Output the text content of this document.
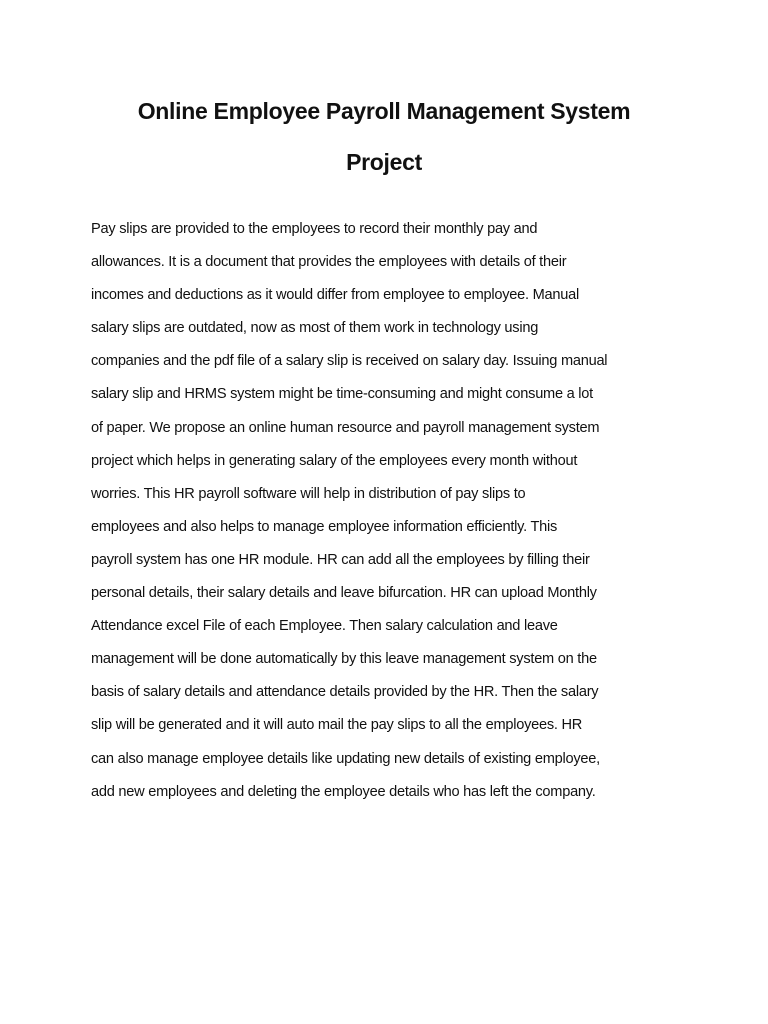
Online Employee Payroll Management System
Project

Pay slips are provided to the employees to record their monthly pay and
allowances. It is a document that provides the employees with details of their
incomes and deductions as it would differ from employee to employee. Manual
salary slips are outdated, now as most of them work in technology using
companies and the pdf file of a salary slip is received on salary day. Issuing manual
salary slip and HRMS system might be time-consuming and might consume a lot
of paper. We propose an online human resource and payroll management system
project which helps in generating salary of the employees every month without
worries. This HR payroll software will help in distribution of pay slips to
employees and also helps to manage employee information efficiently. This
payroll system has one HR module. HR can add all the employees by filling their
personal details, their salary details and leave bifurcation. HR can upload Monthly
Attendance excel File of each Employee. Then salary calculation and leave
management will be done automatically by this leave management system on the
basis of salary details and attendance details provided by the HR. Then the salary
slip will be generated and it will auto mail the pay slips to all the employees. HR
can also manage employee details like updating new details of existing employee,
add new employees and deleting the employee details who has left the company.
